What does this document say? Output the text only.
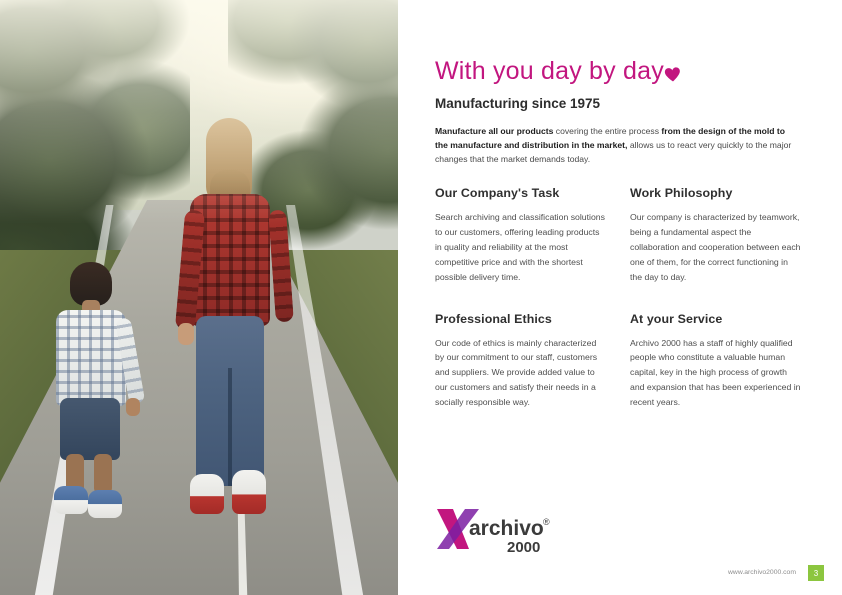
With you day by day
Manufacturing since 1975
Manufacture all our products covering the entire process from the design of the mold to the manufacture and distribution in the market, allows us to react very quickly to the major changes that the market demands today.
Our Company's Task

Search archiving and classification solutions to our customers, offering leading products in quality and reliability at the most competitive price and with the shortest possible delivery time.

Work Philosophy

Our company is characterized by teamwork, being a fundamental aspect the collaboration and cooperation between each one of them, for the correct functioning in the day to day.

Professional Ethics

Our code of ethics is mainly characterized by our commitment to our staff, customers and suppliers. We provide added value to our customers and satisfy their needs in a socially responsible way.

At your Service

Archivo 2000 has a staff of highly qualified people who constitute a valuable human capital, key in the high process of growth and expansion that has been experienced in recent years.

archivo ®
2000
www.archivo2000.com	3
